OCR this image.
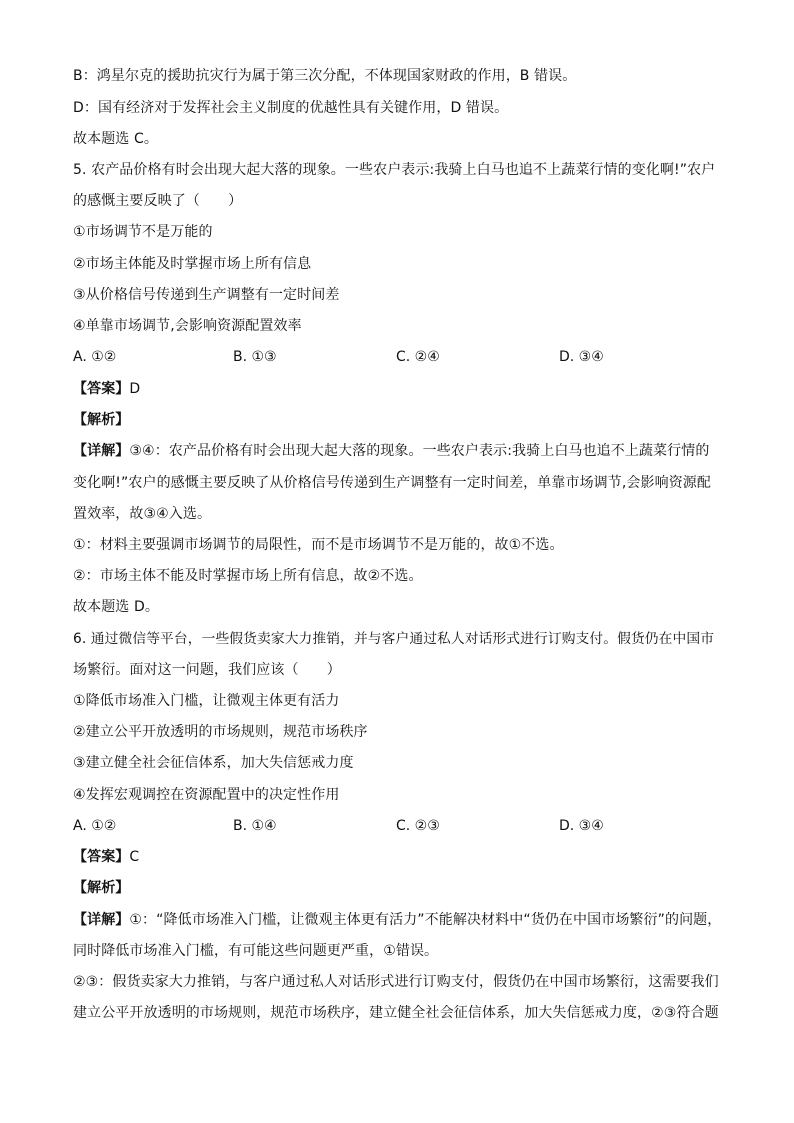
B：鸿星尔克的援助抗灾行为属于第三次分配，不体现国家财政的作用，B 错误。
D：国有经济对于发挥社会主义制度的优越性具有关键作用，D 错误。
故本题选 C。
5. 农产品价格有时会出现大起大落的现象。一些农户表示:我骑上白马也追不上蔬菜行情的变化啊!”农户
的感慨主要反映了（　　）
①市场调节不是万能的
②市场主体能及时掌握市场上所有信息
③从价格信号传递到生产调整有一定时间差
④单靠市场调节,会影响资源配置效率
A. ①②	B. ①③	C. ②④	D. ③④
【答案】D
【解析】
【详解】③④：农产品价格有时会出现大起大落的现象。一些农户表示:我骑上白马也追不上蔬菜行情的
变化啊!”农户的感慨主要反映了从价格信号传递到生产调整有一定时间差，单靠市场调节,会影响资源配
置效率，故③④入选。
①：材料主要强调市场调节的局限性，而不是市场调节不是万能的，故①不选。
②：市场主体不能及时掌握市场上所有信息，故②不选。
故本题选 D。
6. 通过微信等平台，一些假货卖家大力推销，并与客户通过私人对话形式进行订购支付。假货仍在中国市
场繁衍。面对这一问题，我们应该（　　）
①降低市场准入门槛，让微观主体更有活力
②建立公平开放透明的市场规则，规范市场秩序
③建立健全社会征信体系，加大失信惩戒力度
④发挥宏观调控在资源配置中的决定性作用
A. ①②	B. ①④	C. ②③	D. ③④
【答案】C
【解析】
【详解】①：“降低市场准入门槛，让微观主体更有活力”不能解决材料中“货仍在中国市场繁衍”的问题，
同时降低市场准入门槛，有可能这些问题更严重，①错误。
②③：假货卖家大力推销，与客户通过私人对话形式进行订购支付，假货仍在中国市场繁衍，这需要我们
建立公平开放透明的市场规则，规范市场秩序，建立健全社会征信体系，加大失信惩戒力度，②③符合题
